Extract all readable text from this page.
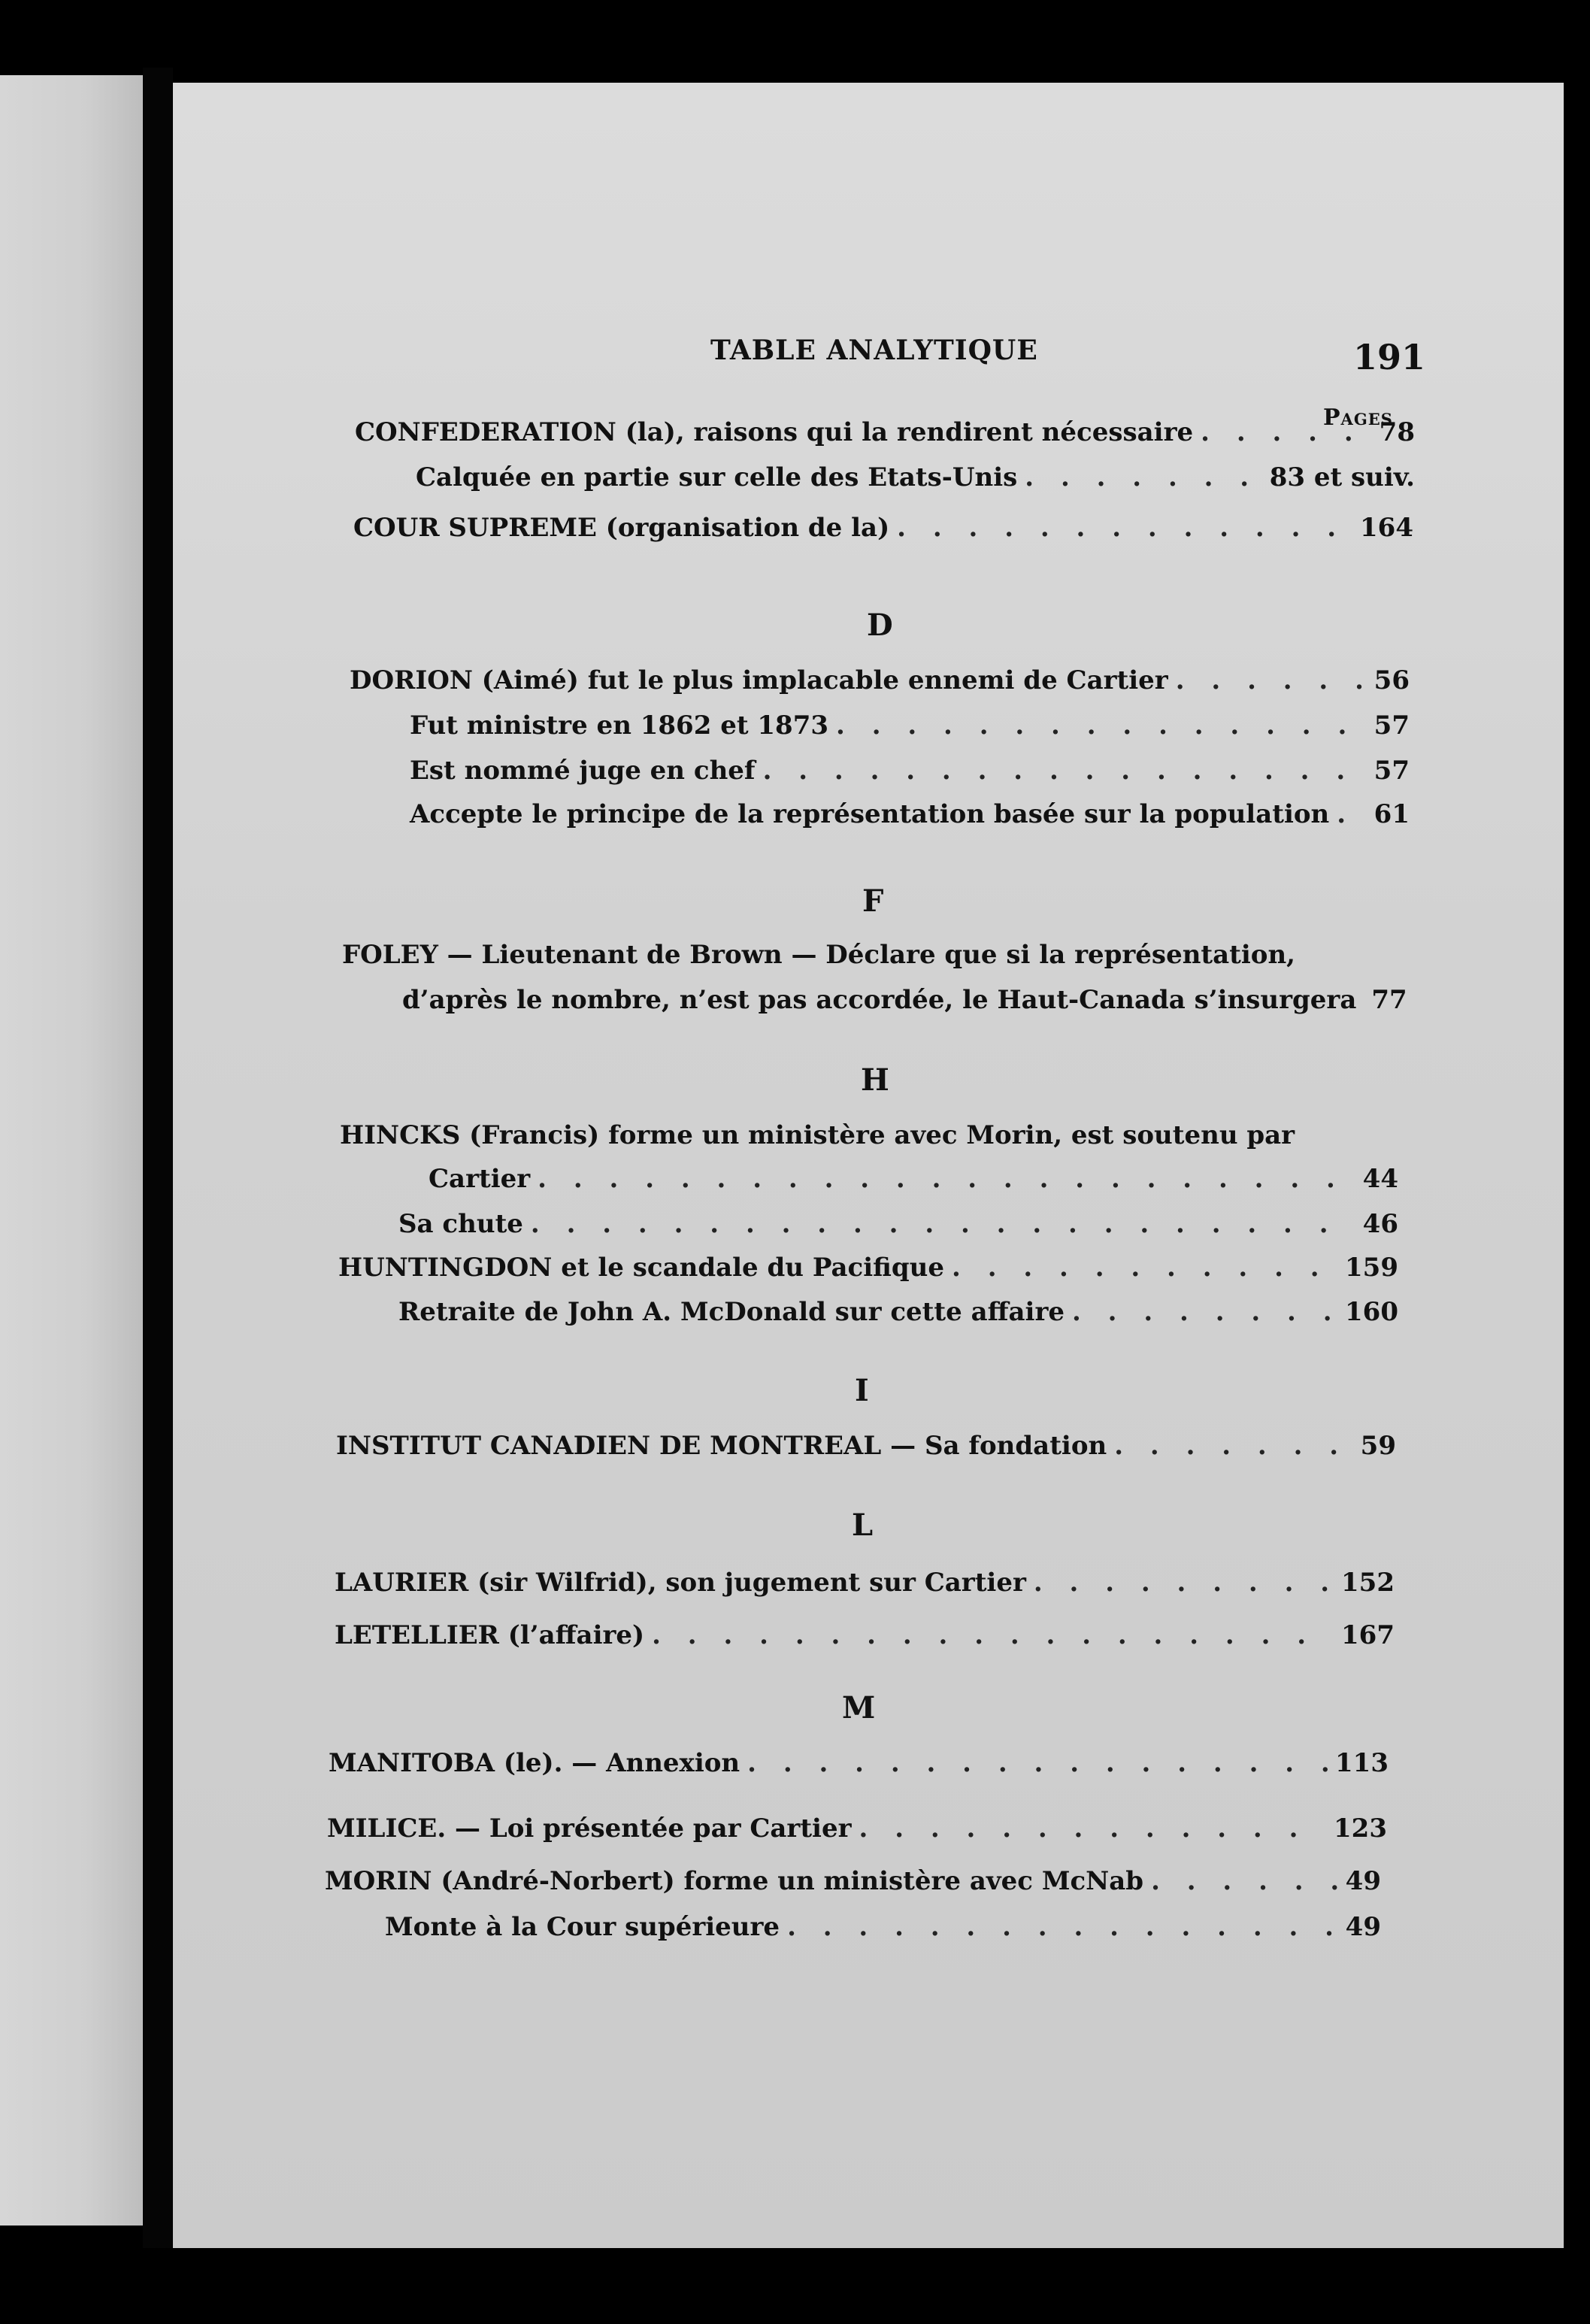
TABLE ANALYTIQUE	191
Pages
CONFEDERATION (la), raisons qui la rendirent nécessaire . . .	78
Calquée en partie sur celle des Etats-Unis . . .	83 et suiv.
COUR SUPREME (organisation de la) . . .	164
D
DORION (Aimé) fut le plus implacable ennemi de Cartier . . .	56
Fut ministre en 1862 et 1873 . . .	57
Est nommé juge en chef . . .	57
Accepte le principe de la représentation basée sur la population . . . 61
F
FOLEY — Lieutenant de Brown — Déclare que si la représentation,
d’après le nombre, n’est pas accordée, le Haut-Canada s’insurgera 77
H
HINCKS (Francis) forme un ministère avec Morin, est soutenu par
Cartier . . .	44
Sa chute . . .	46
HUNTINGDON et le scandale du Pacifique . . .	159
Retraite de John A. McDonald sur cette affaire . . .	160
I
INSTITUT CANADIEN DE MONTREAL — Sa fondation . . .	59
L
LAURIER (sir Wilfrid), son jugement sur Cartier . . .	152
LETELLIER (l’affaire) . . .	167
M
MANITOBA (le). — Annexion . . .	113
MILICE. — Loi présentée par Cartier . . .	123
MORIN (André-Norbert) forme un ministère avec McNab . . .	49
Monte à la Cour supérieure . . .	49
